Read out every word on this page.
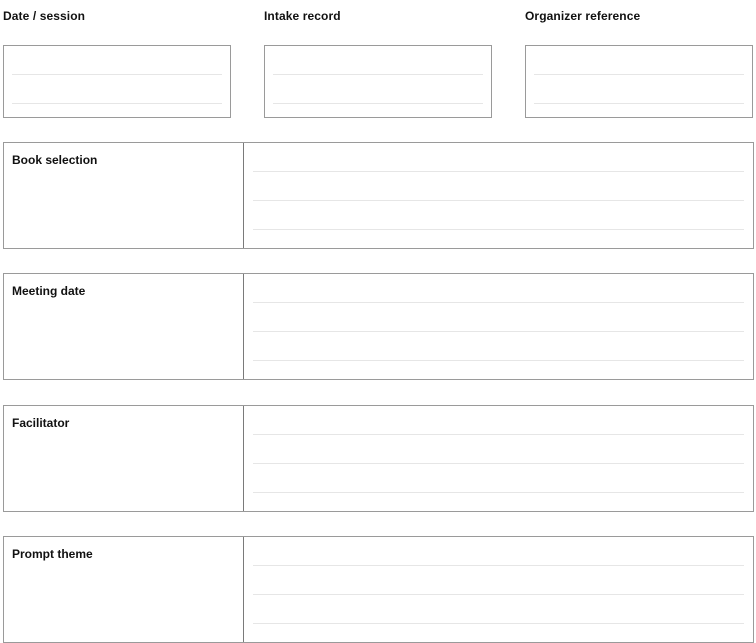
Date / session	Intake record	Organizer reference
Book selection
Meeting date
Facilitator
Prompt theme
